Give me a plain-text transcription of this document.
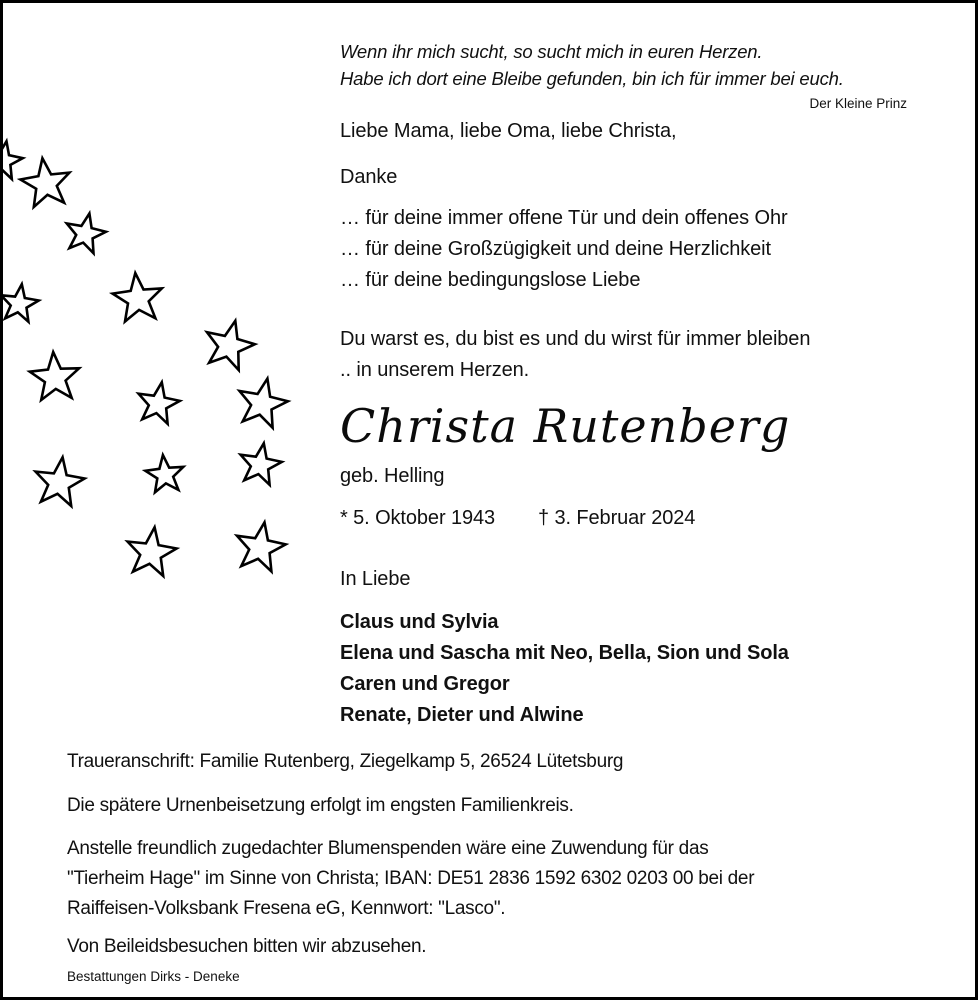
Wenn ihr mich sucht, so sucht mich in euren Herzen.
Habe ich dort eine Bleibe gefunden, bin ich für immer bei euch.
Der Kleine Prinz
Liebe Mama, liebe Oma, liebe Christa,
Danke
… für deine immer offene Tür und dein offenes Ohr
… für deine Großzügigkeit und deine Herzlichkeit
… für deine bedingungslose Liebe
Du warst es, du bist es und du wirst für immer bleiben
.. in unserem Herzen.
Christa Rutenberg
geb. Helling
* 5. Oktober 1943 † 3. Februar 2024
In Liebe
Claus und Sylvia
Elena und Sascha mit Neo, Bella, Sion und Sola
Caren und Gregor
Renate, Dieter und Alwine
Traueranschrift: Familie Rutenberg, Ziegelkamp 5, 26524 Lütetsburg
Die spätere Urnenbeisetzung erfolgt im engsten Familienkreis.
Anstelle freundlich zugedachter Blumenspenden wäre eine Zuwendung für das
"Tierheim Hage" im Sinne von Christa; IBAN: DE51 2836 1592 6302 0203 00 bei der
Raiffeisen-Volksbank Fresena eG, Kennwort: "Lasco".
Von Beileidsbesuchen bitten wir abzusehen.
Bestattungen Dirks - Deneke
